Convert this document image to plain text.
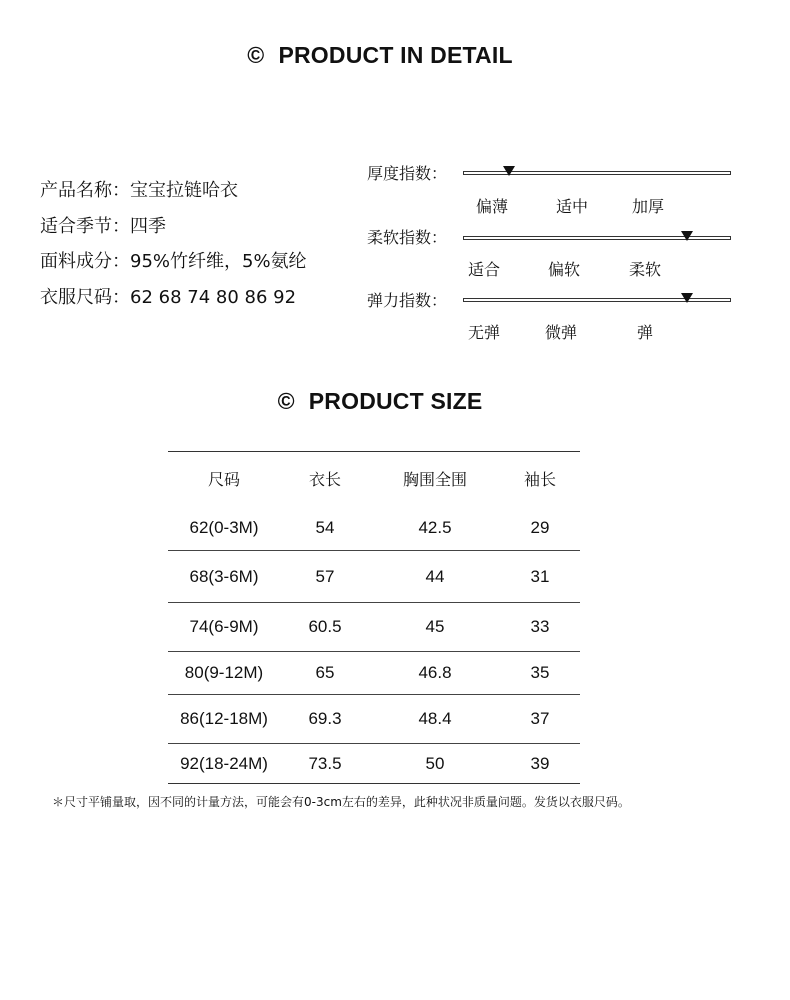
© PRODUCT IN DETAIL
产品名称：宝宝拉链哈衣
适合季节：四季
面料成分：95%竹纤维，5%氨纶
衣服尺码：62 68 74 80 86 92
厚度指数：
偏薄	适中	加厚
柔软指数：
适合	偏软	柔软
弹力指数：
无弹	微弹	弹
© PRODUCT SIZE
尺码	衣长	胸围全围	袖长
62(0-3M)	54	42.5	29
68(3-6M)	57	44	31
74(6-9M)	60.5	45	33
80(9-12M)	65	46.8	35
86(12-18M)	69.3	48.4	37
92(18-24M)	73.5	50	39
＊尺寸平铺量取，因不同的计量方法，可能会有0-3cm左右的差异，此种状况非质量问题。发货以衣服尺码。
